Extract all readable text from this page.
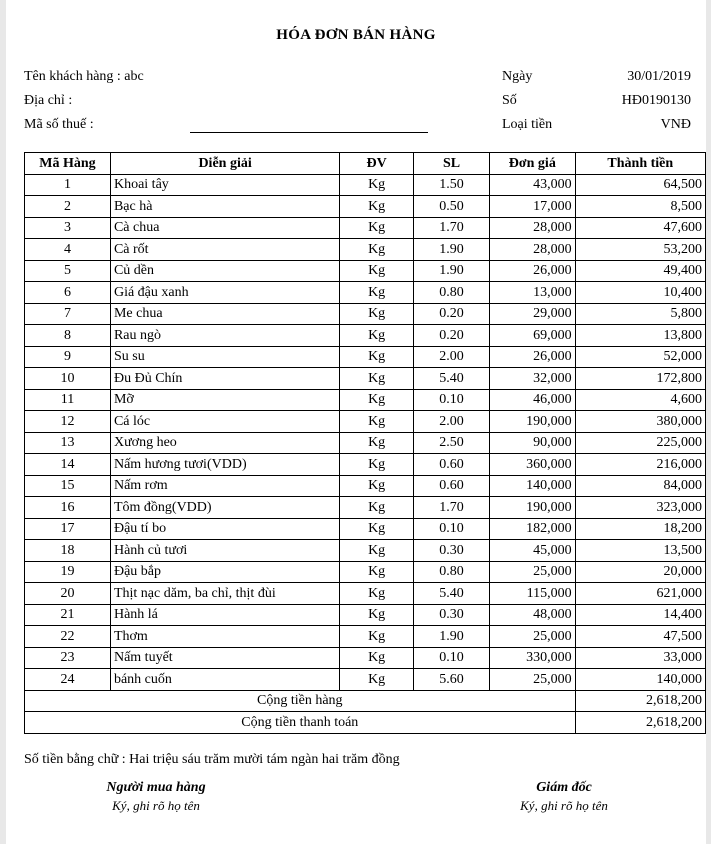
HÓA ĐƠN BÁN HÀNG
Tên khách hàng : abc
Địa chỉ :
Mã số thuế :
Ngày	30/01/2019
Số	HĐ0190130
Loại tiền	VNĐ
Mã Hàng	Diễn giải	ĐV	SL	Đơn giá	Thành tiền
1	Khoai tây	Kg	1.50	43,000	64,500
2	Bạc hà	Kg	0.50	17,000	8,500
3	Cà chua	Kg	1.70	28,000	47,600
4	Cà rốt	Kg	1.90	28,000	53,200
5	Củ dền	Kg	1.90	26,000	49,400
6	Giá đậu xanh	Kg	0.80	13,000	10,400
7	Me chua	Kg	0.20	29,000	5,800
8	Rau ngò	Kg	0.20	69,000	13,800
9	Su su	Kg	2.00	26,000	52,000
10	Đu Đủ Chín	Kg	5.40	32,000	172,800
11	Mỡ	Kg	0.10	46,000	4,600
12	Cá lóc	Kg	2.00	190,000	380,000
13	Xương heo	Kg	2.50	90,000	225,000
14	Nấm hương tươi(VDD)	Kg	0.60	360,000	216,000
15	Nấm rơm	Kg	0.60	140,000	84,000
16	Tôm đồng(VDD)	Kg	1.70	190,000	323,000
17	Đậu tí bo	Kg	0.10	182,000	18,200
18	Hành củ tươi	Kg	0.30	45,000	13,500
19	Đậu bắp	Kg	0.80	25,000	20,000
20	Thịt nạc dăm, ba chỉ, thịt đùi	Kg	5.40	115,000	621,000
21	Hành lá	Kg	0.30	48,000	14,400
22	Thơm	Kg	1.90	25,000	47,500
23	Nấm tuyết	Kg	0.10	330,000	33,000
24	bánh cuốn	Kg	5.60	25,000	140,000
Cộng tiền hàng					2,618,200
Cộng tiền thanh toán					2,618,200
Số tiền bằng chữ : Hai triệu sáu trăm mười tám ngàn hai trăm đồng
Người mua hàng
Ký, ghi rõ họ tên
Giám đốc
Ký, ghi rõ họ tên
